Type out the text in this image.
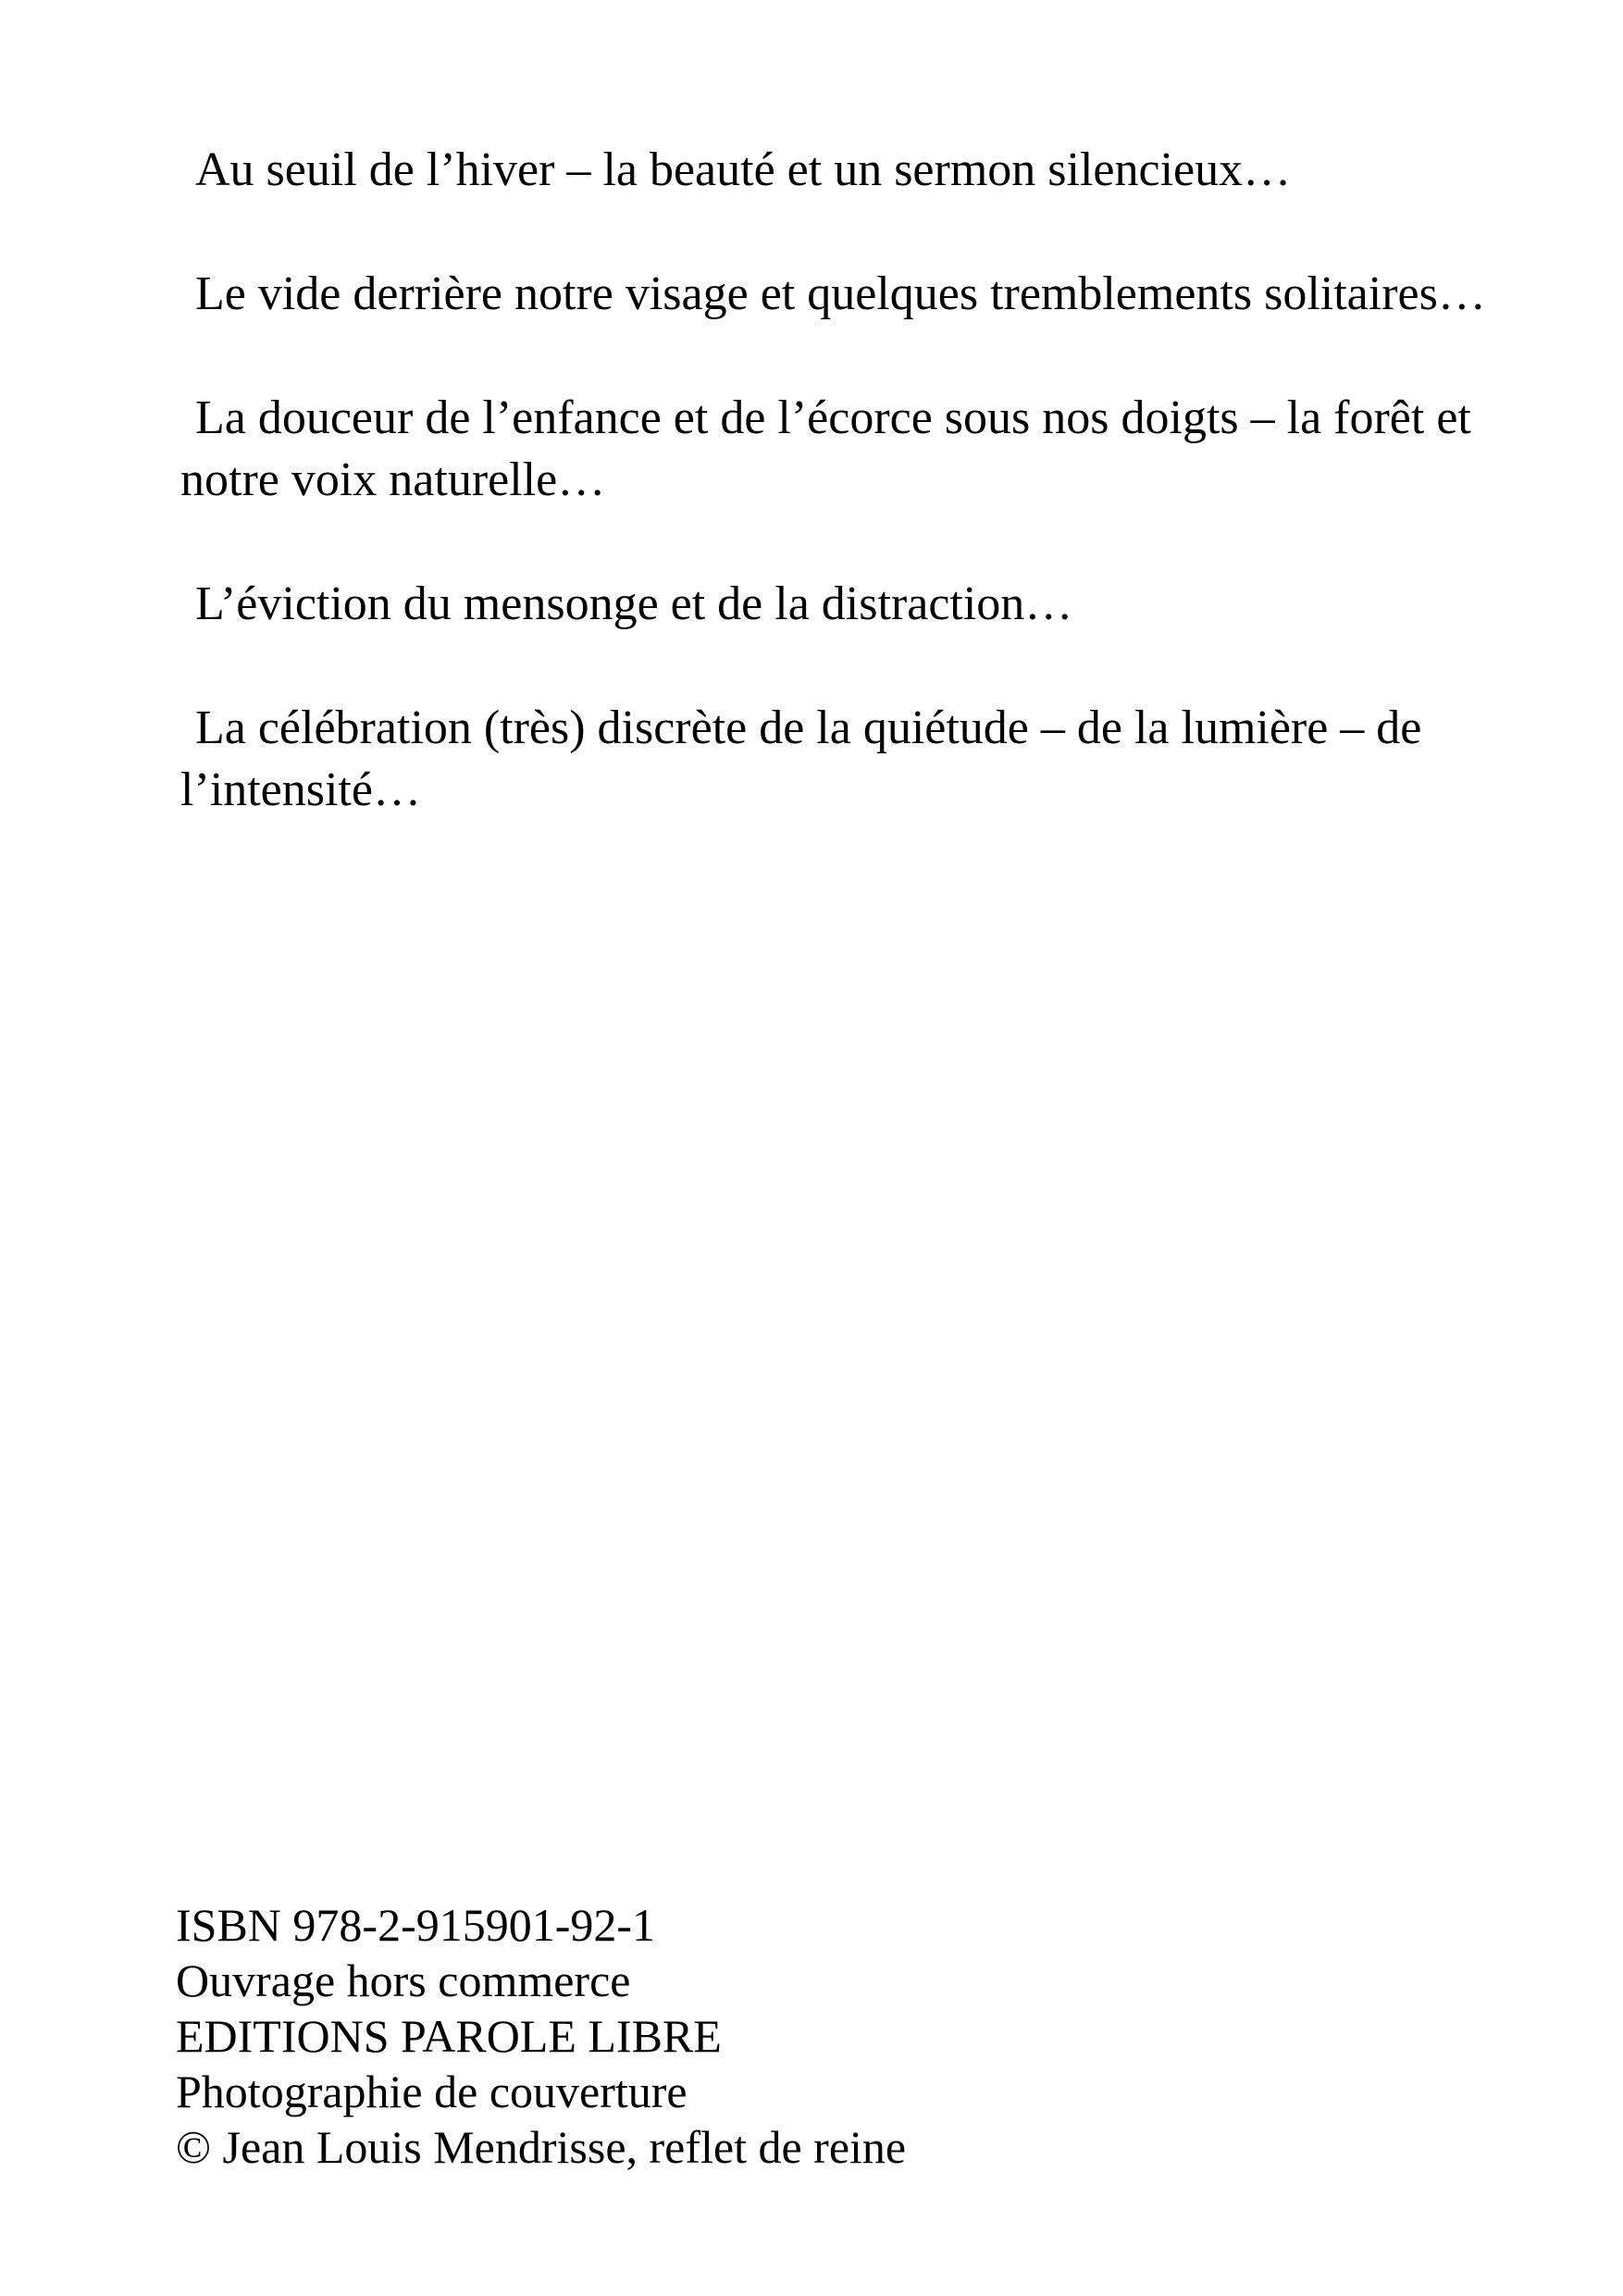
Au seuil de l’hiver – la beauté et un sermon silencieux…

Le vide derrière notre visage et quelques tremblements solitaires…

La douceur de l’enfance et de l’écorce sous nos doigts – la forêt et notre voix naturelle…

L’éviction du mensonge et de la distraction…

La célébration (très) discrète de la quiétude – de la lumière – de l’intensité…

ISBN 978-2-915901-92-1

Ouvrage hors commerce

EDITIONS PAROLE LIBRE

Photographie de couverture

© Jean Louis Mendrisse, reflet de reine
